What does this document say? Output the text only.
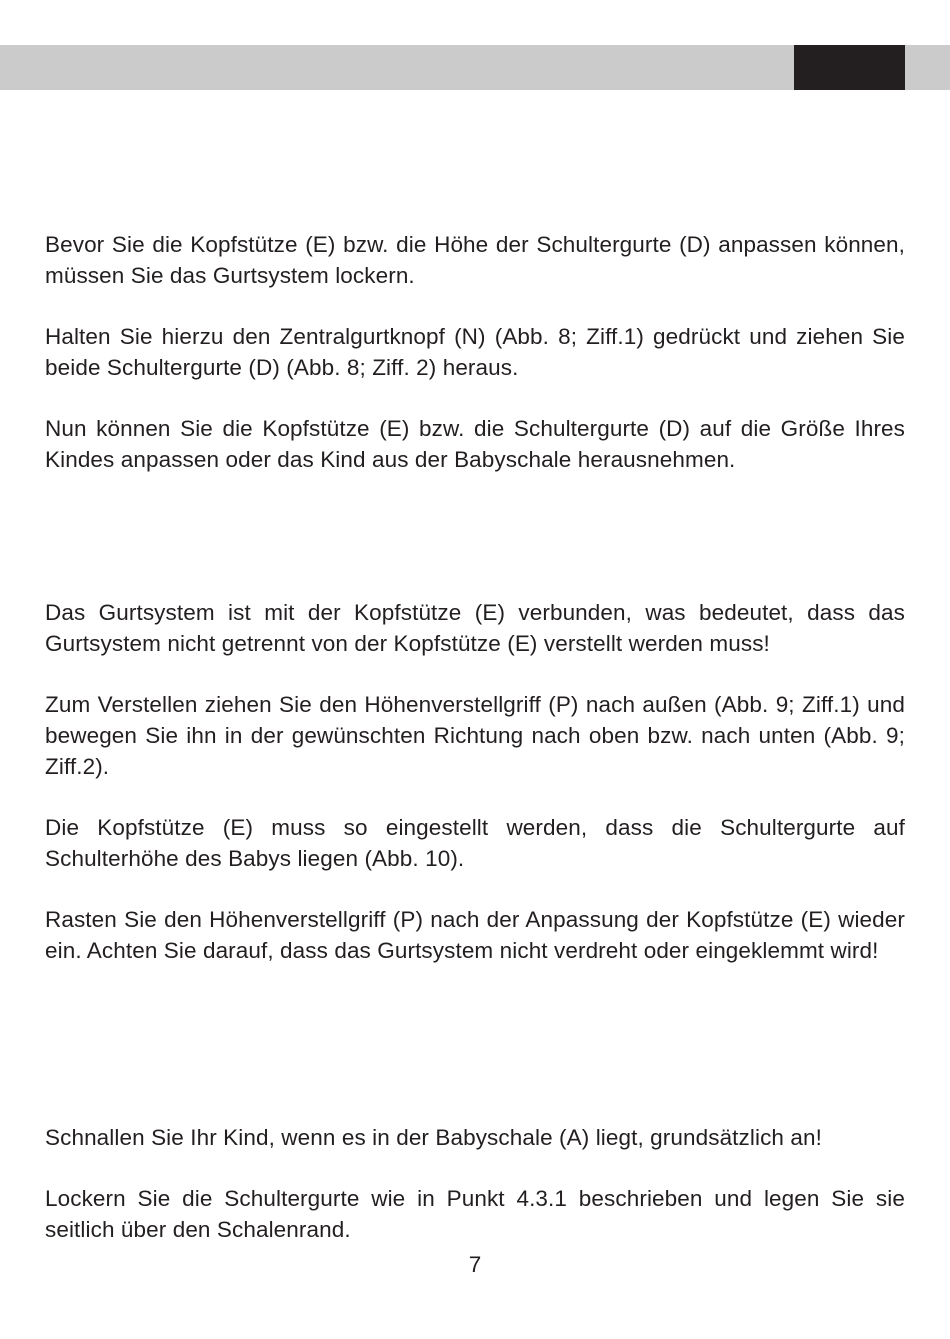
Bevor Sie die Kopfstütze (E) bzw. die Höhe der Schultergurte (D) anpassen können, müssen Sie das Gurtsystem lockern.

Halten Sie hierzu den Zentralgurtknopf (N) (Abb. 8; Ziff.1) gedrückt und ziehen Sie beide Schultergurte (D) (Abb. 8; Ziff. 2) heraus.

Nun können Sie die Kopfstütze (E) bzw. die Schultergurte (D) auf die Größe Ihres Kindes anpassen oder das Kind aus der Babyschale herausnehmen.

Das Gurtsystem ist mit der Kopfstütze (E) verbunden, was bedeutet, dass das Gurtsystem nicht getrennt von der Kopfstütze (E) verstellt werden muss!

Zum Verstellen ziehen Sie den Höhenverstellgriff (P) nach außen (Abb. 9; Ziff.1) und bewegen Sie ihn in der gewünschten Richtung nach oben bzw. nach unten (Abb. 9; Ziff.2).

Die Kopfstütze (E) muss so eingestellt werden, dass die Schultergurte auf Schulterhöhe des Babys liegen (Abb. 10).

Rasten Sie den Höhenverstellgriff (P) nach der Anpassung der Kopfstütze (E) wieder ein. Achten Sie darauf, dass das Gurtsystem nicht verdreht oder eingeklemmt wird!

Schnallen Sie Ihr Kind, wenn es in der Babyschale (A) liegt, grundsätzlich an!

Lockern Sie die Schultergurte wie in Punkt 4.3.1 beschrieben und legen Sie sie seitlich über den Schalenrand.

7
